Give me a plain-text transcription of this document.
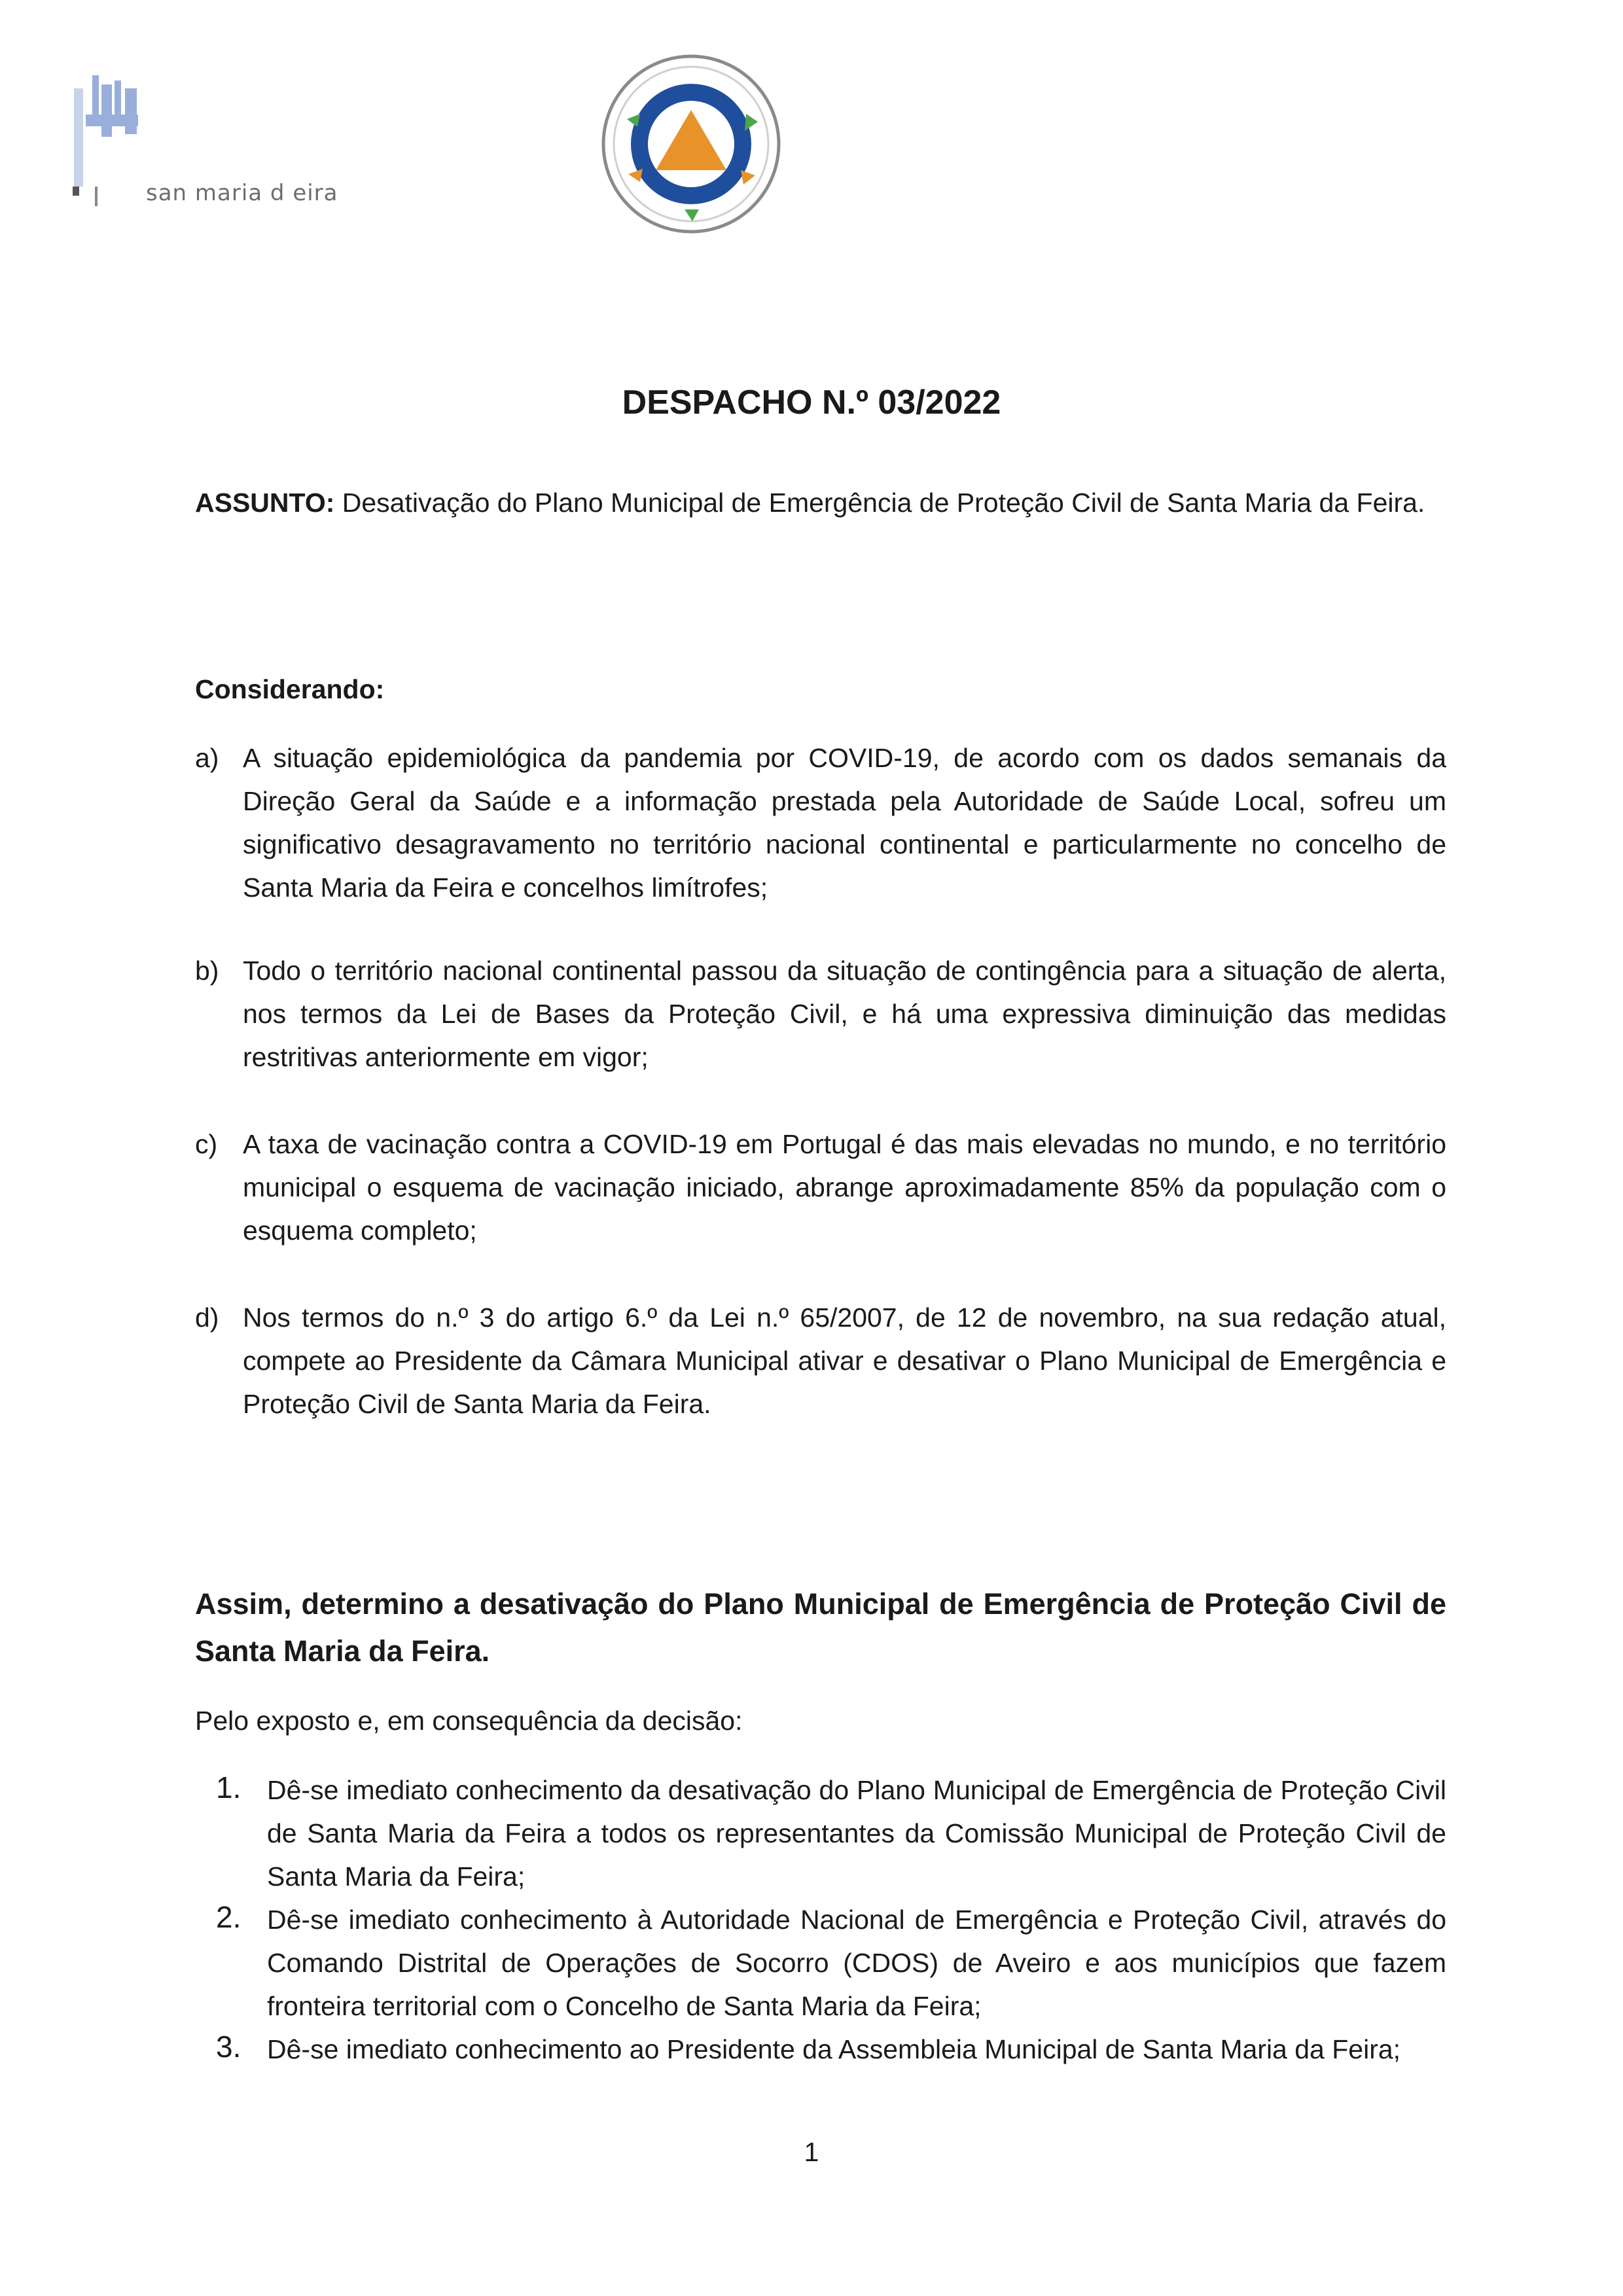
san maria d eira
DESPACHO N.º 03/2022
ASSUNTO: Desativação do Plano Municipal de Emergência de Proteção Civil de Santa Maria da Feira.
Considerando:
a) A situação epidemiológica da pandemia por COVID-19, de acordo com os dados semanais da Direção Geral da Saúde e a informação prestada pela Autoridade de Saúde Local, sofreu um significativo desagravamento no território nacional continental e particularmente no concelho de Santa Maria da Feira e concelhos limítrofes;
b) Todo o território nacional continental passou da situação de contingência para a situação de alerta, nos termos da Lei de Bases da Proteção Civil, e há uma expressiva diminuição das medidas restritivas anteriormente em vigor;
c) A taxa de vacinação contra a COVID-19 em Portugal é das mais elevadas no mundo, e no território municipal o esquema de vacinação iniciado, abrange aproximadamente 85% da população com o esquema completo;
d) Nos termos do n.º 3 do artigo 6.º da Lei n.º 65/2007, de 12 de novembro, na sua redação atual, compete ao Presidente da Câmara Municipal ativar e desativar o Plano Municipal de Emergência e Proteção Civil de Santa Maria da Feira.
Assim, determino a desativação do Plano Municipal de Emergência de Proteção Civil de Santa Maria da Feira.
Pelo exposto e, em consequência da decisão:
1. Dê-se imediato conhecimento da desativação do Plano Municipal de Emergência de Proteção Civil de Santa Maria da Feira a todos os representantes da Comissão Municipal de Proteção Civil de Santa Maria da Feira;
2. Dê-se imediato conhecimento à Autoridade Nacional de Emergência e Proteção Civil, através do Comando Distrital de Operações de Socorro (CDOS) de Aveiro e aos municípios que fazem fronteira territorial com o Concelho de Santa Maria da Feira;
3. Dê-se imediato conhecimento ao Presidente da Assembleia Municipal de Santa Maria da Feira;
1
